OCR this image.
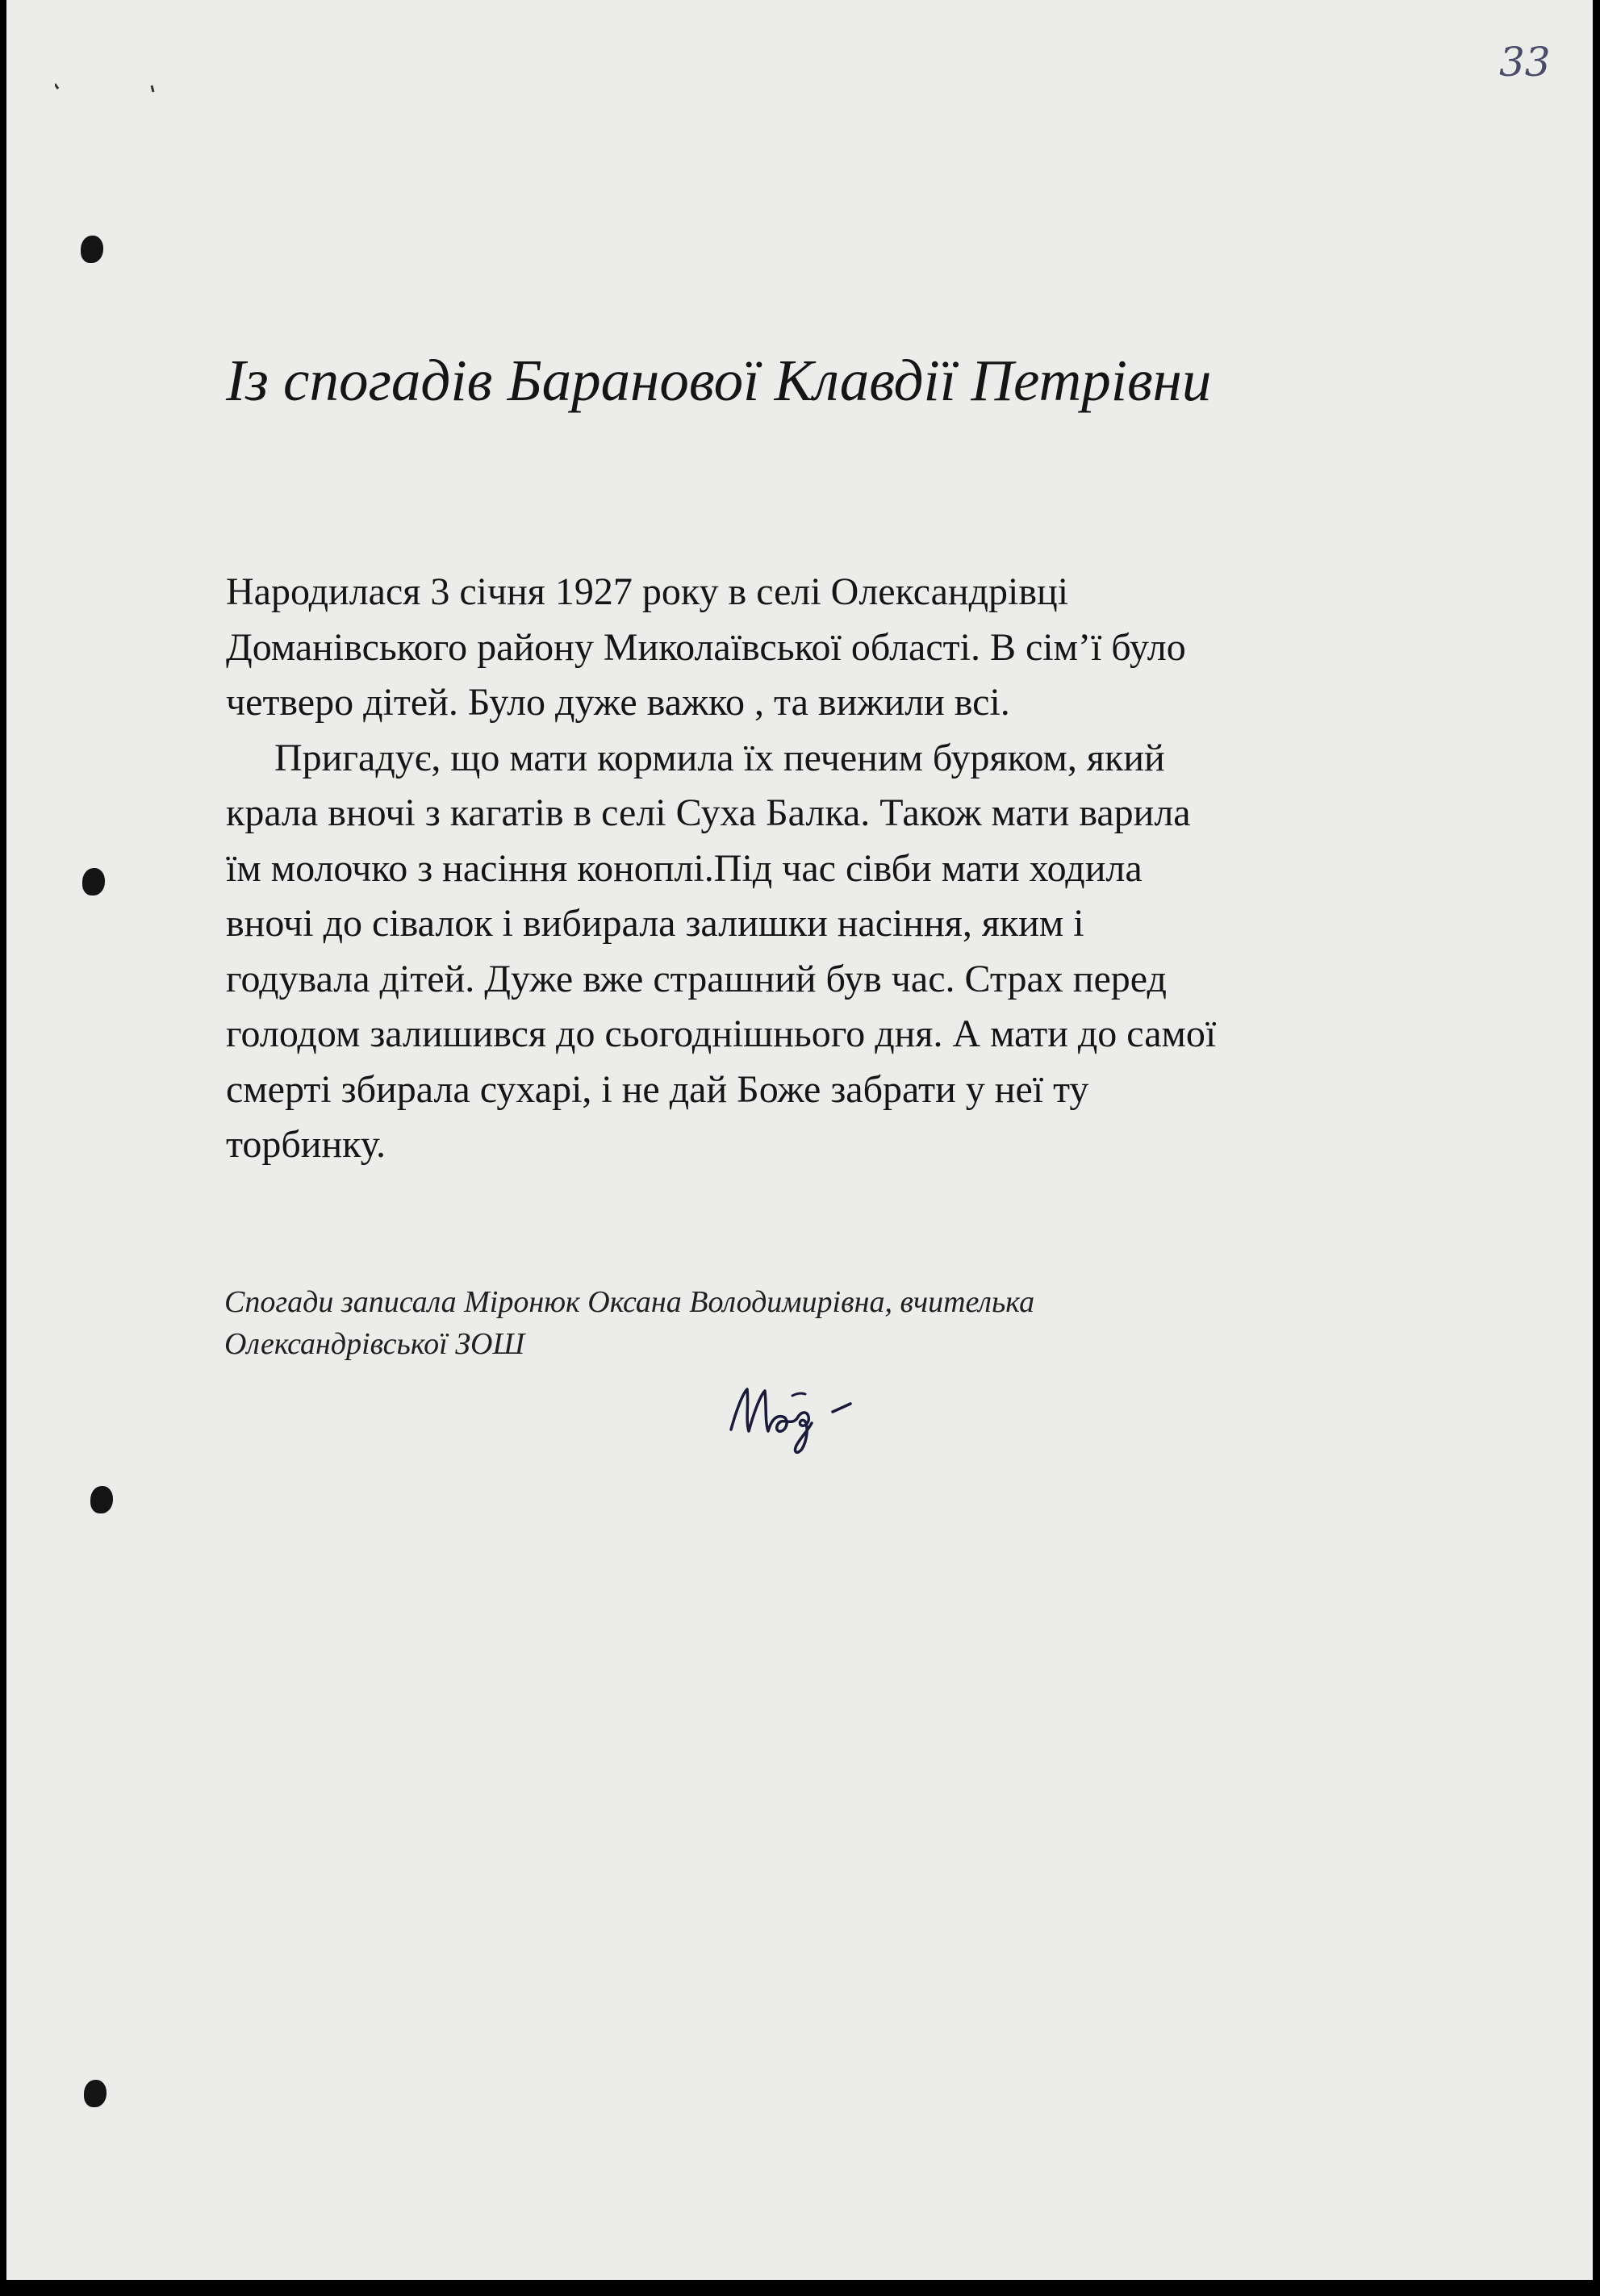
33
Із спогадів Баранової Клавдії Петрівни

Народилася 3 січня 1927 року в селі Олександрівці
Доманівського району Миколаївської області. В сім’ї було
четверо дітей. Було дуже важко , та вижили всі.

Пригадує, що мати кормила їх печеним буряком, який
крала вночі з кагатів в селі Суха Балка. Також мати варила
їм молочко з насіння коноплі.Під час сівби мати ходила
вночі до сівалок і вибирала залишки насіння, яким і
годувала дітей. Дуже вже страшний був час. Страх перед
голодом залишився до сьогоднішнього дня. А мати до самої
смерті збирала сухарі, і не дай Боже забрати у неї ту
торбинку.

Спогади записала Міронюк Оксана Володимирівна, вчителька
Олександрівської ЗОШ
